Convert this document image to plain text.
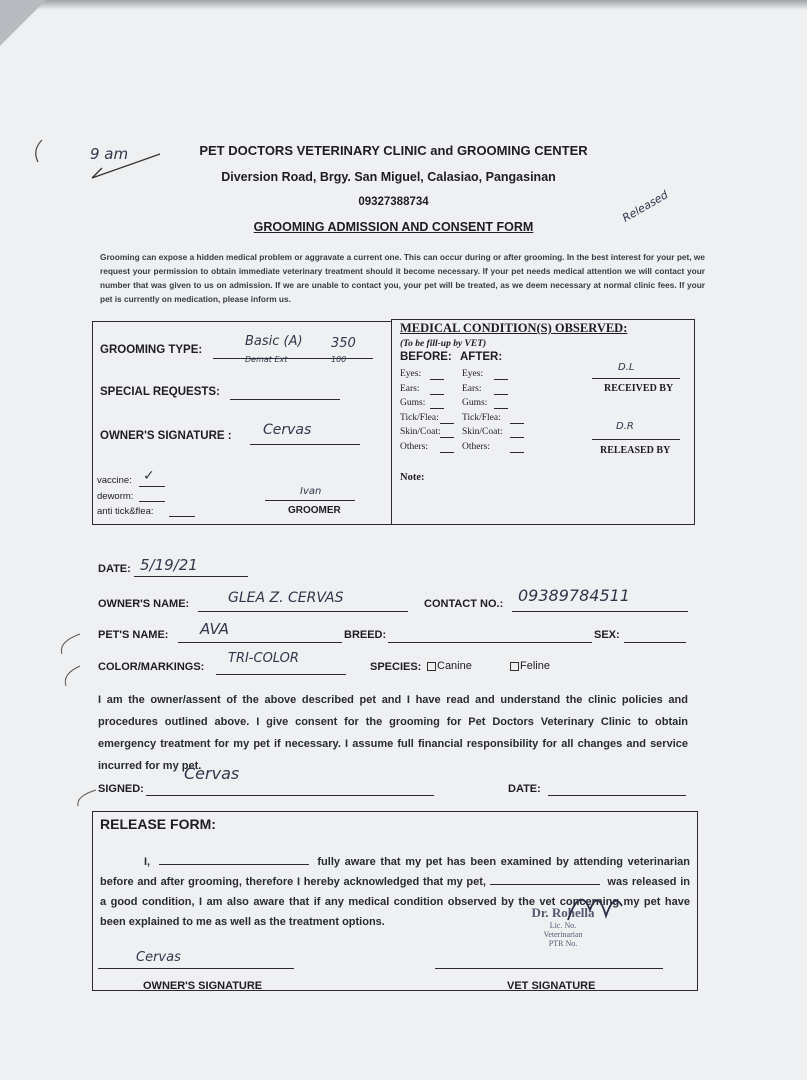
9 am
Released
PET DOCTORS VETERINARY CLINIC and GROOMING CENTER
Diversion Road, Brgy. San Miguel, Calasiao, Pangasinan
09327388734
GROOMING ADMISSION AND CONSENT FORM
Grooming can expose a hidden medical problem or aggravate a current one. This can occur during or after grooming. In the best interest for your pet, we request your permission to obtain immediate veterinary treatment should it become necessary. If your pet needs medical attention we will contact your number that was given to us on admission. If we are unable to contact you, your pet will be treated, as we deem necessary at normal clinic fees. If your pet is currently on medication, please inform us.
GROOMING TYPE:
Basic (A) 350
Demat Ext	100
SPECIAL REQUESTS:
OWNER'S SIGNATURE : Cervas
vaccine: ✓
deworm:
anti tick&flea:
Ivan
GROOMER
MEDICAL CONDITION(S) OBSERVED:
(To be fill-up by VET)
BEFORE: AFTER:
Eyes:	Eyes:
Ears:	Ears:
Gums:	Gums:
Tick/Flea: Tick/Flea:
Skin/Coat: Skin/Coat:
Others:	Others:
Note:
D.L
RECEIVED BY
D.R
RELEASED BY
DATE: 5/19/21
OWNER'S NAME:	GLEA Z. CERVAS	CONTACT NO.: 09389784511
PET'S NAME: AVA	BREED:	SEX:
COLOR/MARKINGS:
TRI-COLOR
SPECIES: Canine	Feline
I am the owner/assent of the above described pet and I have read and understand the clinic policies and procedures outlined above. I give consent for the grooming for Pet Doctors Veterinary Clinic to obtain emergency treatment for my pet if necessary. I assume full financial responsibility for all changes and service incurred for my pet.
SIGNED:
Cervas
DATE:
RELEASE FORM:
OWNER'S SIGNATURE	VET SIGNATURE
I,	fully aware that my pet has been examined by attending veterinarian before and after grooming, therefore I hereby acknowledged that my pet,	was released in a good condition, I am also aware that if any medical condition observed by the vet concerning my pet have been explained to me as well as the treatment options.
Cervas
Dr. Rohella
Lic. No.
Veterinarian
PTR No.
